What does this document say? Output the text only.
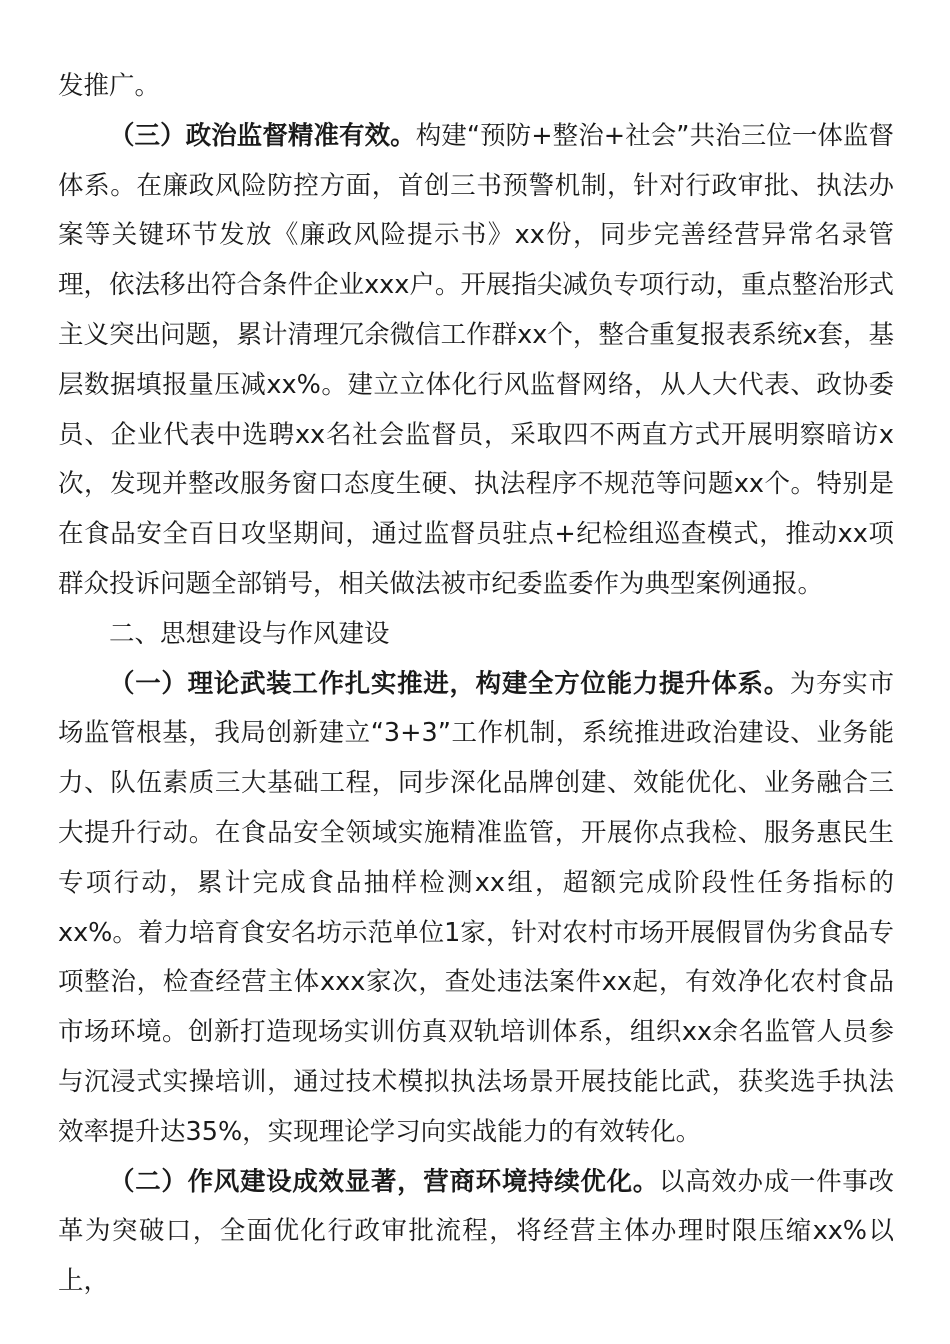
发推广。

（三）政治监督精准有效。构建“预防+整治+社会”共治三位一体监督体系。在廉政风险防控方面，首创三书预警机制，针对行政审批、执法办案等关键环节发放《廉政风险提示书》xx份，同步完善经营异常名录管理，依法移出符合条件企业xxx户。开展指尖减负专项行动，重点整治形式主义突出问题，累计清理冗余微信工作群xx个，整合重复报表系统x套，基层数据填报量压减xx%。建立立体化行风监督网络，从人大代表、政协委员、企业代表中选聘xx名社会监督员，采取四不两直方式开展明察暗访x次，发现并整改服务窗口态度生硬、执法程序不规范等问题xx个。特别是在食品安全百日攻坚期间，通过监督员驻点+纪检组巡查模式，推动xx项群众投诉问题全部销号，相关做法被市纪委监委作为典型案例通报。

二、思想建设与作风建设

（一）理论武装工作扎实推进，构建全方位能力提升体系。为夯实市场监管根基，我局创新建立“3+3”工作机制，系统推进政治建设、业务能力、队伍素质三大基础工程，同步深化品牌创建、效能优化、业务融合三大提升行动。在食品安全领域实施精准监管，开展你点我检、服务惠民生专项行动，累计完成食品抽样检测xx组，超额完成阶段性任务指标的xx%。着力培育食安名坊示范单位1家，针对农村市场开展假冒伪劣食品专项整治，检查经营主体xxx家次，查处违法案件xx起，有效净化农村食品市场环境。创新打造现场实训仿真双轨培训体系，组织xx余名监管人员参与沉浸式实操培训，通过技术模拟执法场景开展技能比武，获奖选手执法效率提升达35%，实现理论学习向实战能力的有效转化。

（二）作风建设成效显著，营商环境持续优化。以高效办成一件事改革为突破口，全面优化行政审批流程，将经营主体办理时限压缩xx%以上，
